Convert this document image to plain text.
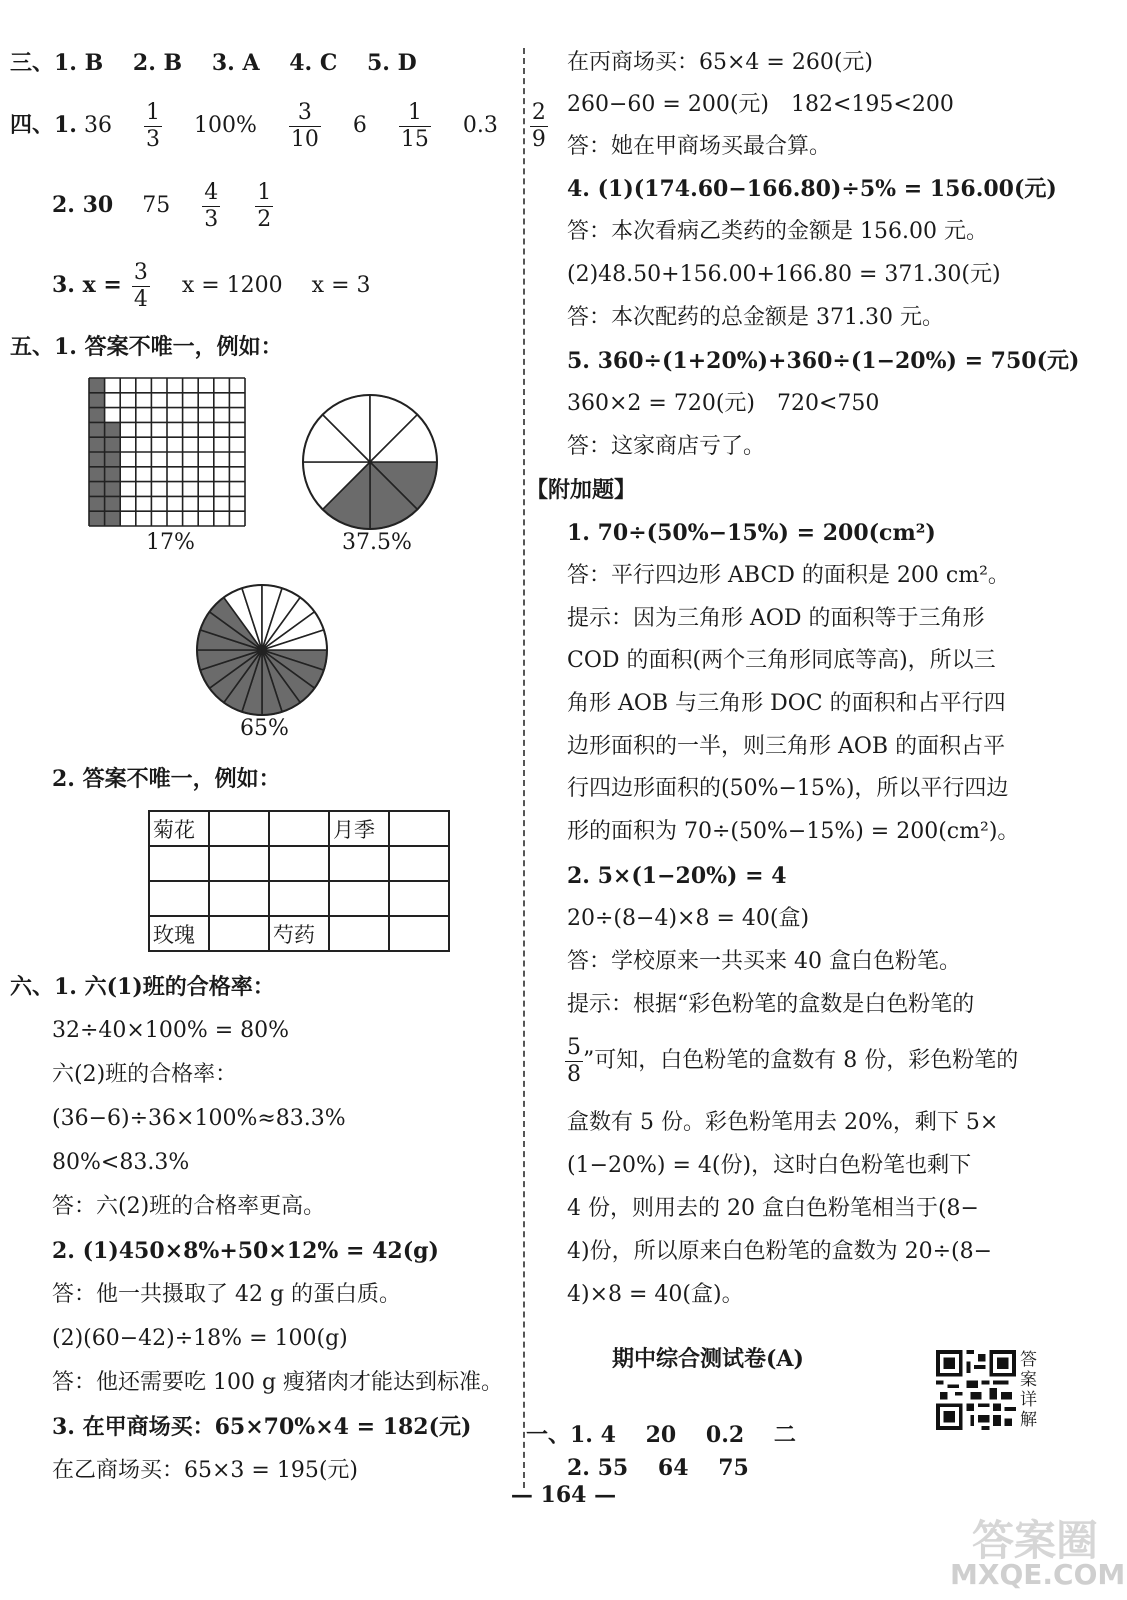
三、1. B 2. B 3. A 4. C 5. D
四、1. $36 \frac{1}{3} 100\% \frac{3}{10} 6 \frac{1}{15} 0.3 \frac{2}{9}$
2. 30 $75 \frac{4}{3}$
$\frac{1}{2}$
3. $x = \frac{3}{4}$ x = 1200 x = 3
五、1. 答案不唯一，例如：
17%	37.5%
65%
2. 答案不唯一，例如：
菊花			月季	

玫瑰		芍药		
六、1. 六(1)班的合格率：
32÷40×100% = 80%
六(2)班的合格率：
(36−6)÷36×100%≈83.3%
80%<83.3%
答：六(2)班的合格率更高。
2. (1)450×8%+50×12% = 42(g)
答：他一共摄取了 42 g 的蛋白质。
(2)(60−42)÷18% = 100(g)
答：他还需要吃 100 g 瘦猪肉才能达到标准。
3. 在甲商场买：65×70%×4 = 182(元)
在乙商场买：65×3 = 195(元)
在丙商场买：65×4 = 260(元)
260−60 = 200(元)　182<195<200
答：她在甲商场买最合算。
4. (1)(174.60−166.80)÷5% = 156.00(元)
答：本次看病乙类药的金额是 156.00 元。
(2)48.50+156.00+166.80 = 371.30(元)
答：本次配药的总金额是 371.30 元。
5. 360÷(1+20%)+360÷(1−20%) = 750(元)
360×2 = 720(元)　720<750
答：这家商店亏了。
【附加题】
1. 70÷(50%−15%) = 200(cm²)
答：平行四边形 ABCD 的面积是 200 cm²。
提示：因为三角形 AOD 的面积等于三角形
COD 的面积(两个三角形同底等高)，所以三
角形 AOB 与三角形 DOC 的面积和占平行四
边形面积的一半，则三角形 AOB 的面积占平
行四边形面积的(50%−15%)，所以平行四边
形的面积为 70÷(50%−15%) = 200(cm²)。
2. 5×(1−20%) = 4
20÷(8−4)×8 = 40(盒)
答：学校原来一共买来 40 盒白色粉笔。
提示：根据“彩色粉笔的盒数是白色粉笔的
$\frac{5}{8}$ ”可知，白色粉笔的盒数有 8 份，彩色粉笔的
盒数有 5 份。彩色粉笔用去 20%，剩下 5×
(1−20%) = 4(份)，这时白色粉笔也剩下
4 份，则用去的 20 盒白色粉笔相当于(8−
4)份，所以原来白色粉笔的盒数为 20÷(8−
4)×8 = 40(盒)。
期中综合测试卷(A)	答案详解
一、1. 4 20 0.2 二
2. 55 64 75
— 164 —
答案圈
MXQE.COM
